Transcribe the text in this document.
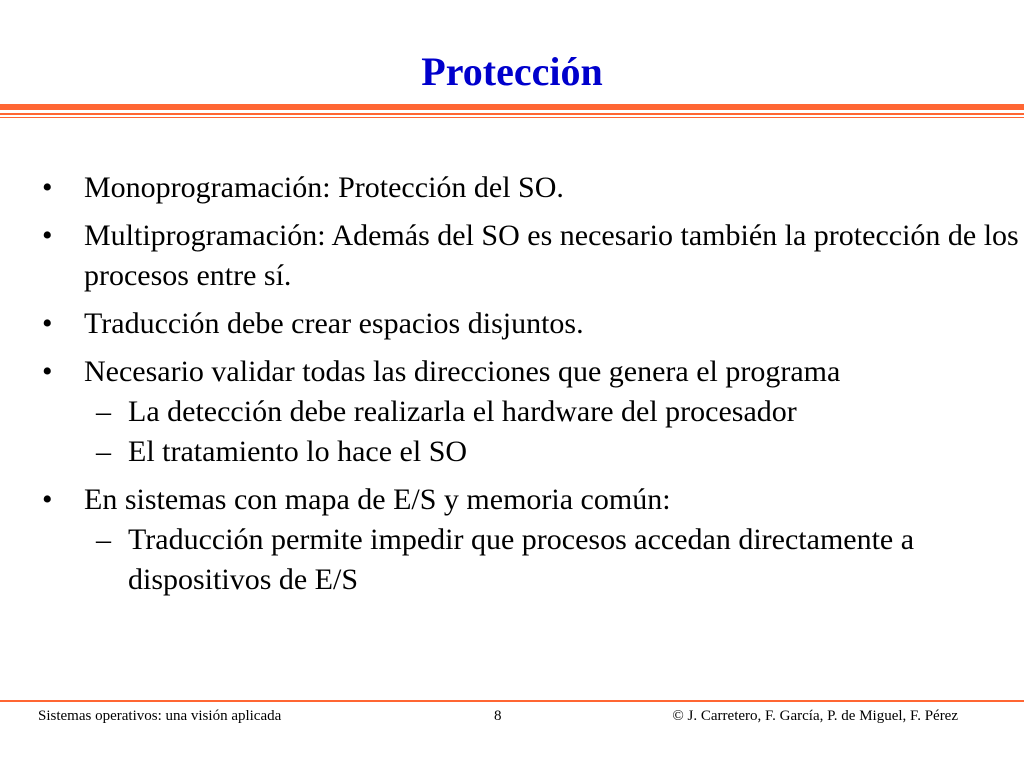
Protección
• Monoprogramación: Protección del SO.
• Multiprogramación: Además del SO es necesario también la protección de los procesos entre sí.
• Traducción debe crear espacios disjuntos.
• Necesario validar todas las direcciones que genera el programa
– La detección debe realizarla el hardware del procesador
– El tratamiento lo hace el SO
• En sistemas con mapa de E/S y memoria común:
– Traducción permite impedir que procesos accedan directamente a dispositivos de E/S
Sistemas operativos: una visión aplicada	8	© J. Carretero, F. García, P. de Miguel, F. Pérez
